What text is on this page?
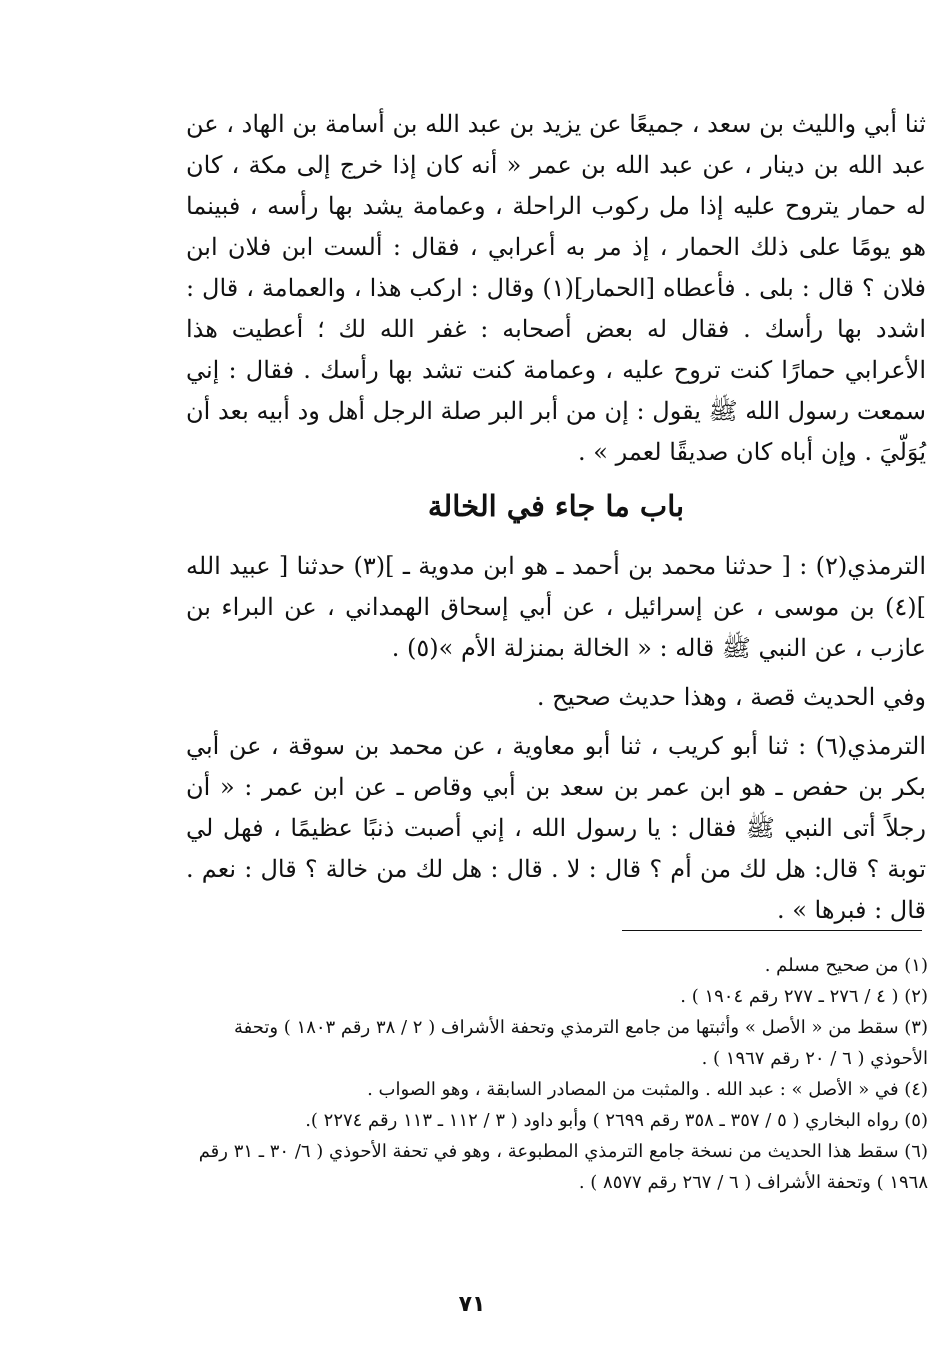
ثنا أبي والليث بن سعد ، جميعًا عن يزيد بن عبد الله بن أسامة بن الهاد ، عن عبد الله بن دينار ، عن عبد الله بن عمر « أنه كان إذا خرج إلى مكة ، كان له حمار يتروح عليه إذا مل ركوب الراحلة ، وعمامة يشد بها رأسه ، فبينما هو يومًا على ذلك الحمار ، إذ مر به أعرابي ، فقال : ألست ابن فلان ابن فلان ؟ قال : بلى . فأعطاه [الحمار](١) وقال : اركب هذا ، والعمامة ، قال : اشدد بها رأسك . فقال له بعض أصحابه : غفر الله لك ؛ أعطيت هذا الأعرابي حمارًا كنت تروح عليه ، وعمامة كنت تشد بها رأسك . فقال : إني سمعت رسول الله ﷺ يقول : إن من أبر البر صلة الرجل أهل ود أبيه بعد أن يُوَلّيَ . وإن أباه كان صديقًا لعمر » .

باب ما جاء في الخالة

الترمذي(٢) : [ حدثنا محمد بن أحمد ـ هو ابن مدوية ـ ](٣) حدثنا [ عبيد الله ](٤) بن موسى ، عن إسرائيل ، عن أبي إسحاق الهمداني ، عن البراء بن عازب ، عن النبي ﷺ قاله : « الخالة بمنزلة الأم »(٥) .

وفي الحديث قصة ، وهذا حديث صحيح .

الترمذي(٦) : ثنا أبو كريب ، ثنا أبو معاوية ، عن محمد بن سوقة ، عن أبي بكر بن حفص ـ هو ابن عمر بن سعد بن أبي وقاص ـ عن ابن عمر : « أن رجلاً أتى النبي ﷺ فقال : يا رسول الله ، إني أصبت ذنبًا عظيمًا ، فهل لي توبة ؟ قال: هل لك من أم ؟ قال : لا . قال : هل لك من خالة ؟ قال : نعم . قال : فبرها » .

(١) من صحيح مسلم .

(٢) ( ٤ / ٢٧٦ ـ ٢٧٧ رقم ١٩٠٤ ) .

(٣) سقط من « الأصل » وأثبتها من جامع الترمذي وتحفة الأشراف ( ٢ / ٣٨ رقم ١٨٠٣ ) وتحفة الأحوذي ( ٦ / ٢٠ رقم ١٩٦٧ ) .

(٤) في « الأصل » : عبد الله . والمثبت من المصادر السابقة ، وهو الصواب .

(٥) رواه البخاري ( ٥ / ٣٥٧ ـ ٣٥٨ رقم ٢٦٩٩ ) وأبو داود ( ٣ / ١١٢ ـ ١١٣ رقم ٢٢٧٤ ).

(٦) سقط هذا الحديث من نسخة جامع الترمذي المطبوعة ، وهو في تحفة الأحوذي ( ٦/ ٣٠ ـ ٣١ رقم ١٩٦٨ ) وتحفة الأشراف ( ٦ / ٢٦٧ رقم ٨٥٧٧ ) .

٧١
